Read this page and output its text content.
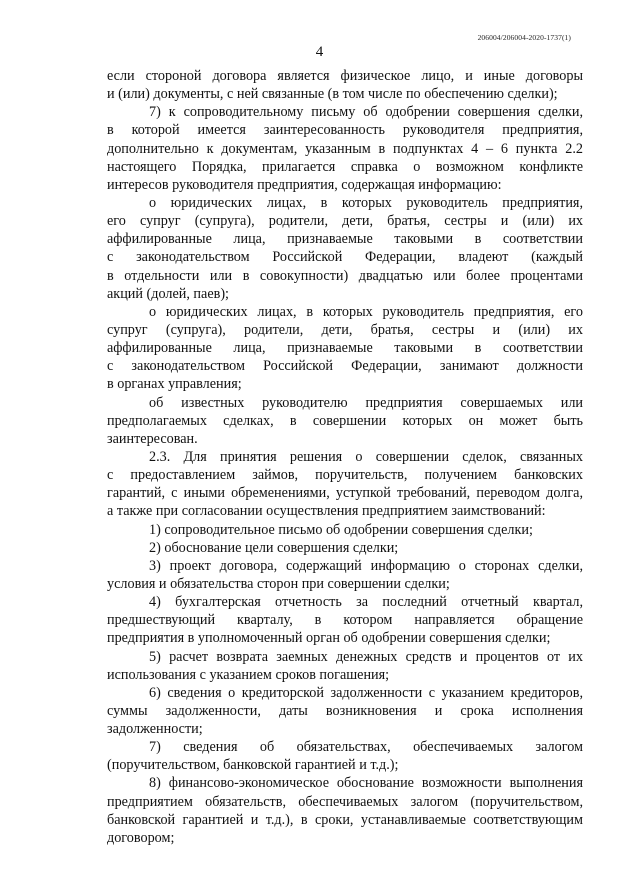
206004/206004-2020-1737(1)
4
если стороной договора является физическое лицо, и иные договоры
и (или) документы, с ней связанные (в том числе по обеспечению сделки);
7) к сопроводительному письму об одобрении совершения сделки,
в которой имеется заинтересованность руководителя предприятия,
дополнительно к документам, указанным в подпунктах 4 – 6 пункта 2.2
настоящего Порядка, прилагается справка о возможном конфликте
интересов руководителя предприятия, содержащая информацию:
о юридических лицах, в которых руководитель предприятия,
его супруг (супруга), родители, дети, братья, сестры и (или) их
аффилированные лица, признаваемые таковыми в соответствии
с законодательством Российской Федерации, владеют (каждый
в отдельности или в совокупности) двадцатью или более процентами
акций (долей, паев);
о юридических лицах, в которых руководитель предприятия, его
супруг (супруга), родители, дети, братья, сестры и (или) их
аффилированные лица, признаваемые таковыми в соответствии
с законодательством Российской Федерации, занимают должности
в органах управления;
об известных руководителю предприятия совершаемых или
предполагаемых сделках, в совершении которых он может быть
заинтересован.
2.3. Для принятия решения о совершении сделок, связанных
с предоставлением займов, поручительств, получением банковских
гарантий, с иными обременениями, уступкой требований, переводом долга,
а также при согласовании осуществления предприятием заимствований:
1) сопроводительное письмо об одобрении совершения сделки;
2) обоснование цели совершения сделки;
3) проект договора, содержащий информацию о сторонах сделки,
условия и обязательства сторон при совершении сделки;
4) бухгалтерская отчетность за последний отчетный квартал,
предшествующий кварталу, в котором направляется обращение
предприятия в уполномоченный орган об одобрении совершения сделки;
5) расчет возврата заемных денежных средств и процентов от их
использования с указанием сроков погашения;
6) сведения о кредиторской задолженности с указанием кредиторов,
суммы задолженности, даты возникновения и срока исполнения
задолженности;
7) сведения об обязательствах, обеспечиваемых залогом
(поручительством, банковской гарантией и т.д.);
8) финансово-экономическое обоснование возможности выполнения
предприятием обязательств, обеспечиваемых залогом (поручительством,
банковской гарантией и т.д.), в сроки, устанавливаемые соответствующим
договором;
